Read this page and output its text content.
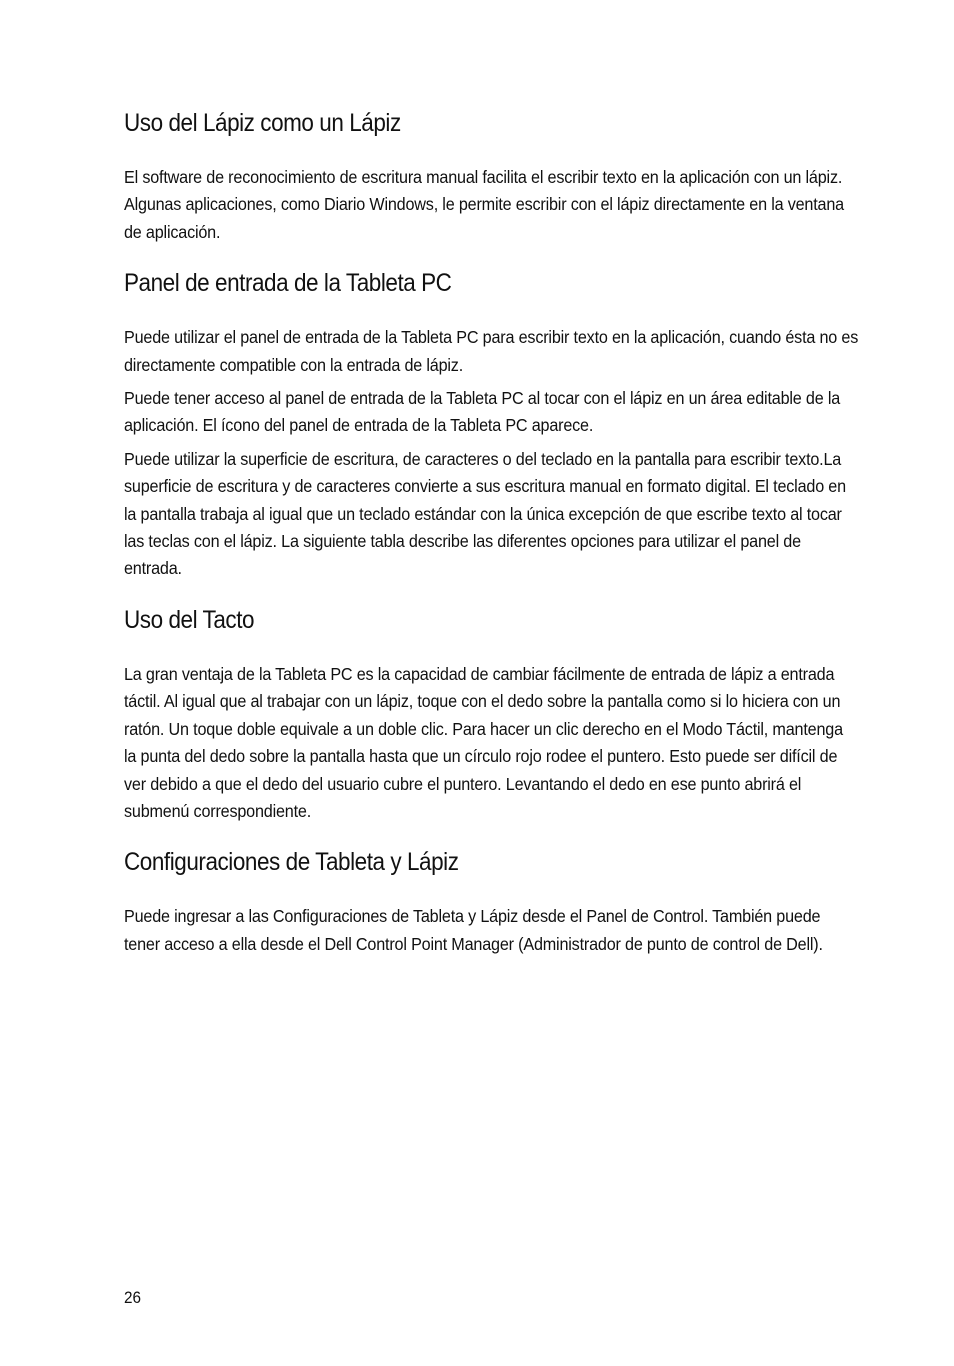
Uso del Lápiz como un Lápiz

El software de reconocimiento de escritura manual facilita el escribir texto en la aplicación con un lápiz. Algunas aplicaciones, como Diario Windows, le permite escribir con el lápiz directamente en la ventana de aplicación.

Panel de entrada de la Tableta PC

Puede utilizar el panel de entrada de la Tableta PC para escribir texto en la aplicación, cuando ésta no es directamente compatible con la entrada de lápiz.

Puede tener acceso al panel de entrada de la Tableta PC al tocar con el lápiz en un área editable de la aplicación. El ícono del panel de entrada de la Tableta PC aparece.

Puede utilizar la superficie de escritura, de caracteres o del teclado en la pantalla para escribir texto.La superficie de escritura y de caracteres convierte a sus escritura manual en formato digital. El teclado en la pantalla trabaja al igual que un teclado estándar con la única excepción de que escribe texto al tocar las teclas con el lápiz. La siguiente tabla describe las diferentes opciones para utilizar el panel de entrada.

Uso del Tacto

La gran ventaja de la Tableta PC es la capacidad de cambiar fácilmente de entrada de lápiz a entrada táctil. Al igual que al trabajar con un lápiz, toque con el dedo sobre la pantalla como si lo hiciera con un ratón. Un toque doble equivale a un doble clic. Para hacer un clic derecho en el Modo Táctil, mantenga la punta del dedo sobre la pantalla hasta que un círculo rojo rodee el puntero. Esto puede ser difícil de ver debido a que el dedo del usuario cubre el puntero. Levantando el dedo en ese punto abrirá el submenú correspondiente.

Configuraciones de Tableta y Lápiz

Puede ingresar a las Configuraciones de Tableta y Lápiz desde el Panel de Control. También puede tener acceso a ella desde el Dell Control Point Manager (Administrador de punto de control de Dell).

26
